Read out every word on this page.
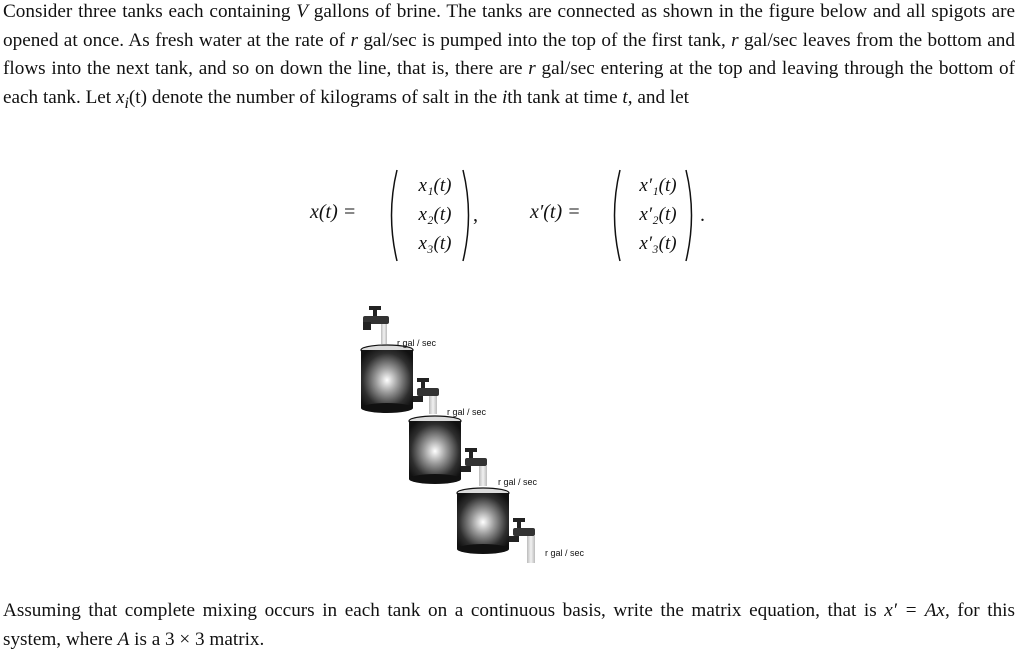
Consider three tanks each containing V gallons of brine. The tanks are connected as shown in the figure below and all spigots are opened at once. As fresh water at the rate of r gal/sec is pumped into the top of the first tank, r gal/sec leaves from the bottom and flows into the next tank, and so on down the line, that is, there are r gal/sec entering at the top and leaving through the bottom of each tank. Let $x_i(t)$ denote the number of kilograms of salt in the ith tank at time t, and let

x(t) =
x₁(t)
x₂(t)
x₃(t)
,	x′(t) =
x′₁(t)
x′₂(t)
x′₃(t)
.
r gal / sec
r gal / sec
r gal / sec
r gal / sec

Assuming that complete mixing occurs in each tank on a continuous basis, write the matrix equation, that is x′ = Ax, for this system, where A is a 3 × 3 matrix.
